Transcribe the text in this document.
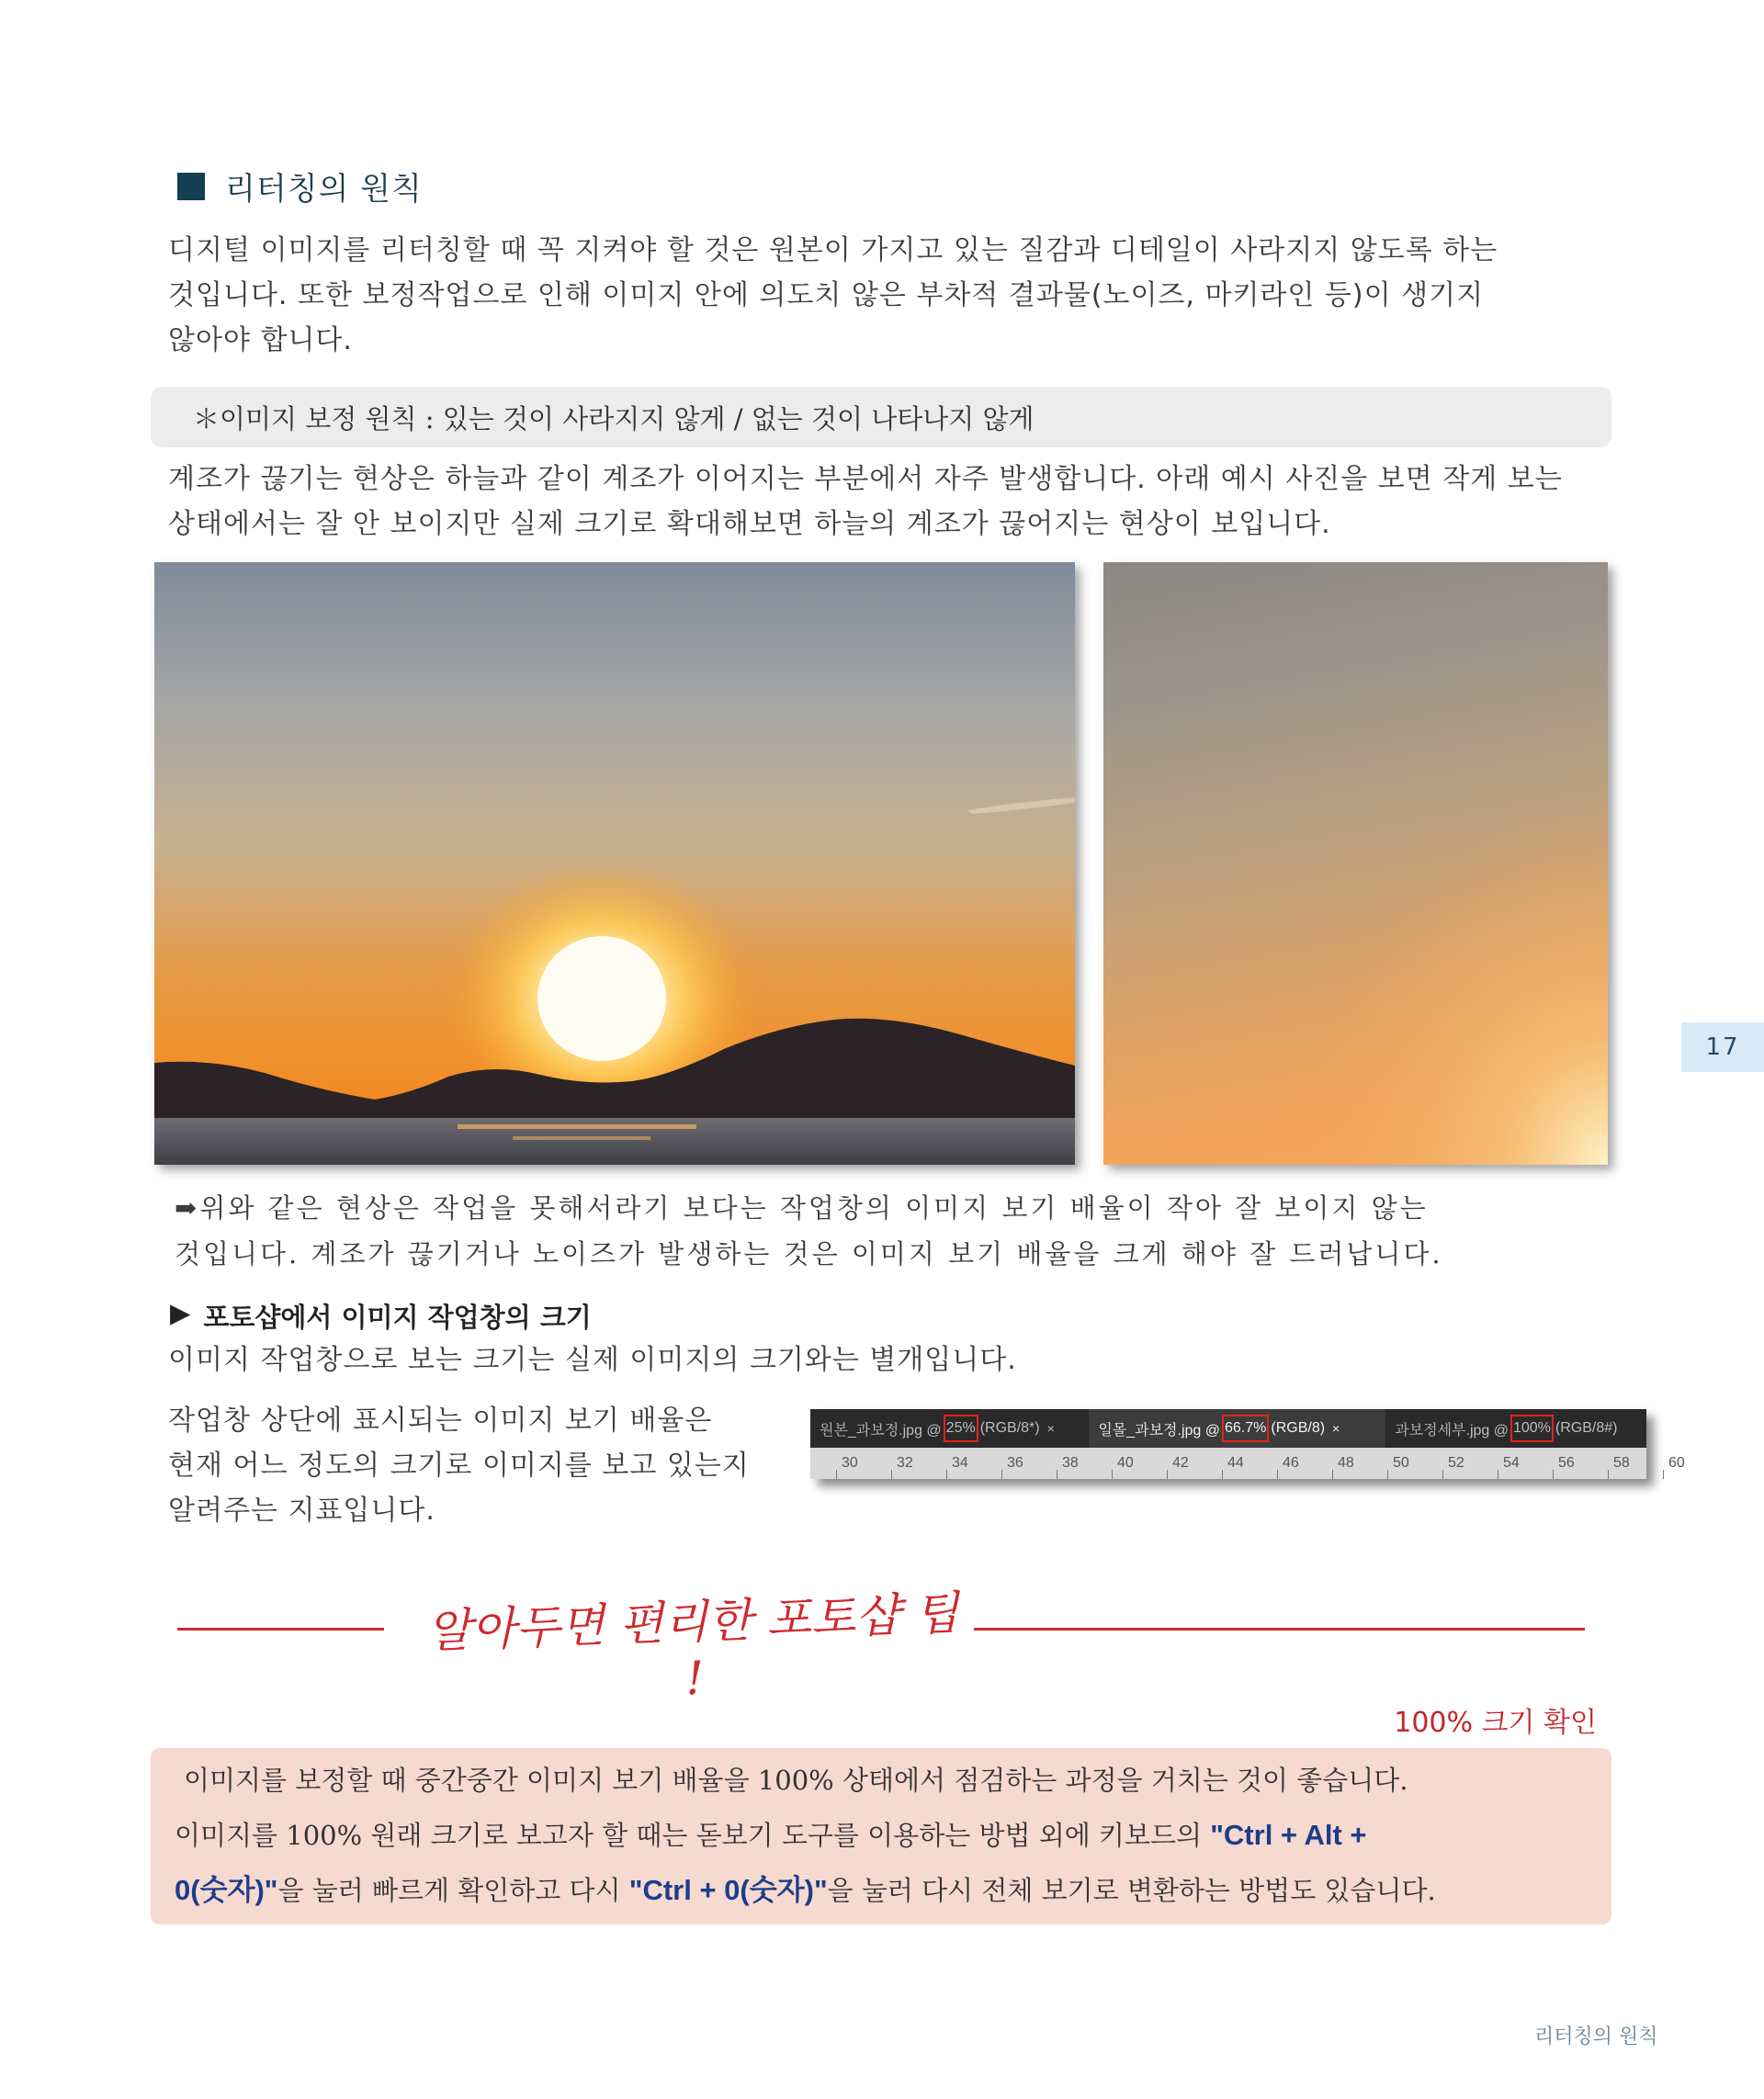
리터칭의 원칙
디지털 이미지를 리터칭할 때 꼭 지켜야 할 것은 원본이 가지고 있는 질감과 디테일이 사라지지 않도록 하는
것입니다. 또한 보정작업으로 인해 이미지 안에 의도치 않은 부차적 결과물(노이즈, 마키라인 등)이 생기지
않아야 합니다.
＊이미지 보정 원칙 : 있는 것이 사라지지 않게 / 없는 것이 나타나지 않게
계조가 끊기는 현상은 하늘과 같이 계조가 이어지는 부분에서 자주 발생합니다. 아래 예시 사진을 보면 작게 보는
상태에서는 잘 안 보이지만 실제 크기로 확대해보면 하늘의 계조가 끊어지는 현상이 보입니다.
➡위와 같은 현상은 작업을 못해서라기 보다는 작업창의 이미지 보기 배율이 작아 잘 보이지 않는
것입니다. 계조가 끊기거나 노이즈가 발생하는 것은 이미지 보기 배율을 크게 해야 잘 드러납니다.
▶ 포토샵에서 이미지 작업창의 크기
이미지 작업창으로 보는 크기는 실제 이미지의 크기와는 별개입니다.
작업창 상단에 표시되는 이미지 보기 배율은
현재 어느 정도의 크기로 이미지를 보고 있는지
알려주는 지표입니다.
원본_과보정.jpg @ 25% (RGB/8*) ×	일몰_과보정.jpg @ 66.7% (RGB/8) ×	과보정세부.jpg @ 100% (RGB/8#)
30	32	34	36	38	40	42	44	46	48	50	52	54	56	58	60
알아두면 편리한 포토샵 팁 !
100% 크기 확인
이미지를 보정할 때 중간중간 이미지 보기 배율을 100% 상태에서 점검하는 과정을 거치는 것이 좋습니다.
이미지를 100% 원래 크기로 보고자 할 때는 돋보기 도구를 이용하는 방법 외에 키보드의 "Ctrl + Alt +
0(숫자)"을 눌러 빠르게 확인하고 다시 "Ctrl + 0(숫자)"을 눌러 다시 전체 보기로 변환하는 방법도 있습니다.
17
리터칭의 원칙
